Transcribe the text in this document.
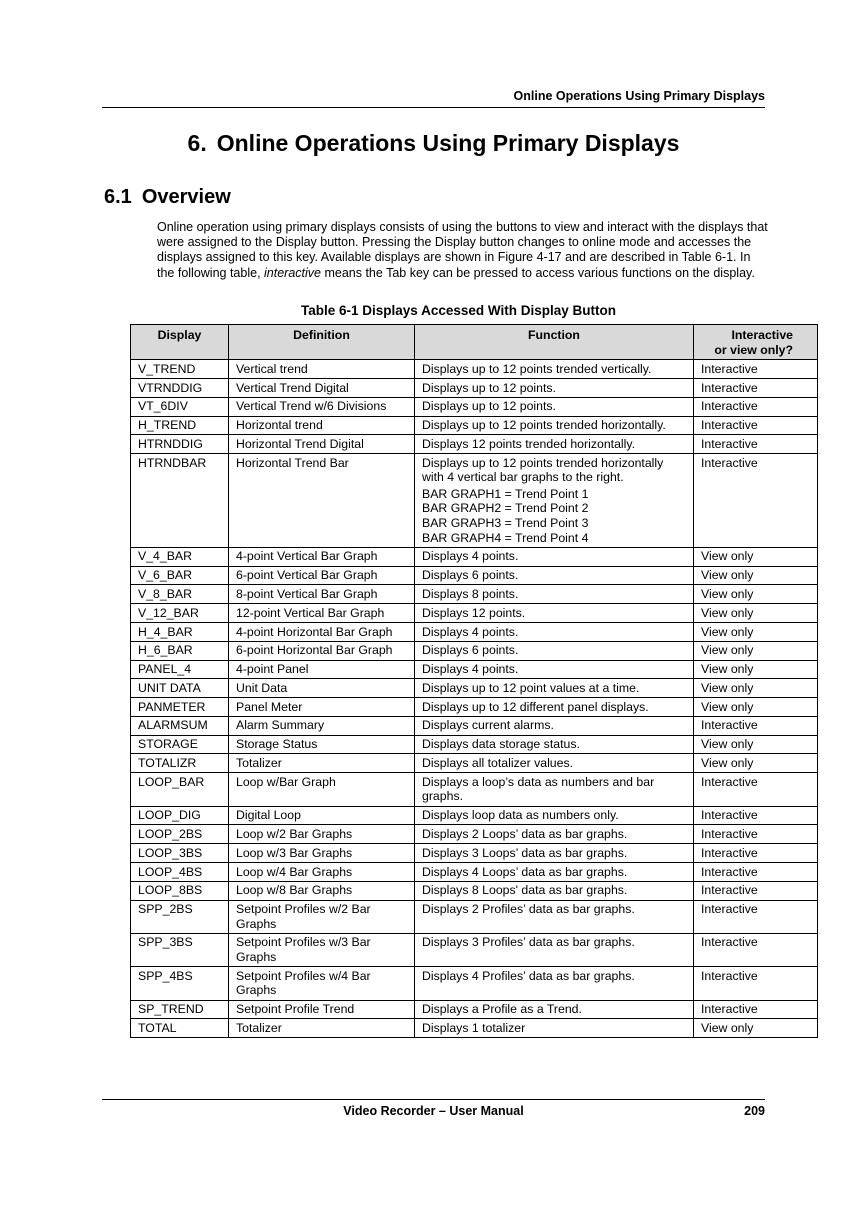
Online Operations Using Primary Displays
6. Online Operations Using Primary Displays
6.1 Overview
Online operation using primary displays consists of using the buttons to view and interact with the displays that were assigned to the Display button. Pressing the Display button changes to online mode and accesses the displays assigned to this key. Available displays are shown in Figure 4-17 and are described in Table 6-1. In the following table, interactive means the Tab key can be pressed to access various functions on the display.
Table 6-1 Displays Accessed With Display Button
Display	Definition	Function	Interactive
or view only?

V_TREND	Vertical trend	Displays up to 12 points trended vertically.	Interactive
VTRNDDIG	Vertical Trend Digital	Displays up to 12 points.	Interactive
VT_6DIV	Vertical Trend w/6 Divisions	Displays up to 12 points.	Interactive
H_TREND	Horizontal trend	Displays up to 12 points trended horizontally.	Interactive
HTRNDDIG	Horizontal Trend Digital	Displays 12 points trended horizontally.	Interactive
HTRNDBAR	Horizontal Trend Bar	Displays up to 12 points trended horizontally with 4 vertical bar graphs to the right.
BAR GRAPH1 = Trend Point 1
BAR GRAPH2 = Trend Point 2
BAR GRAPH3 = Trend Point 3
BAR GRAPH4 = Trend Point 4	Interactive
V_4_BAR	4-point Vertical Bar Graph	Displays 4 points.	View only
V_6_BAR	6-point Vertical Bar Graph	Displays 6 points.	View only
V_8_BAR	8-point Vertical Bar Graph	Displays 8 points.	View only
V_12_BAR	12-point Vertical Bar Graph	Displays 12 points.	View only
H_4_BAR	4-point Horizontal Bar Graph	Displays 4 points.	View only
H_6_BAR	6-point Horizontal Bar Graph	Displays 6 points.	View only
PANEL_4	4-point Panel	Displays 4 points.	View only
UNIT DATA	Unit Data	Displays up to 12 point values at a time.	View only
PANMETER	Panel Meter	Displays up to 12 different panel displays.	View only
ALARMSUM	Alarm Summary	Displays current alarms.	Interactive
STORAGE	Storage Status	Displays data storage status.	View only
TOTALIZR	Totalizer	Displays all totalizer values.	View only
LOOP_BAR	Loop w/Bar Graph	Displays a loop’s data as numbers and bar graphs.	Interactive
LOOP_DIG	Digital Loop	Displays loop data as numbers only.	Interactive
LOOP_2BS	Loop w/2 Bar Graphs	Displays 2 Loops’ data as bar graphs.	Interactive
LOOP_3BS	Loop w/3 Bar Graphs	Displays 3 Loops’ data as bar graphs.	Interactive
LOOP_4BS	Loop w/4 Bar Graphs	Displays 4 Loops’ data as bar graphs.	Interactive
LOOP_8BS	Loop w/8 Bar Graphs	Displays 8 Loops' data as bar graphs.	Interactive
SPP_2BS	Setpoint Profiles w/2 Bar Graphs	Displays 2 Profiles’ data as bar graphs.	Interactive
SPP_3BS	Setpoint Profiles w/3 Bar Graphs	Displays 3 Profiles’ data as bar graphs.	Interactive
SPP_4BS	Setpoint Profiles w/4 Bar Graphs	Displays 4 Profiles’ data as bar graphs.	Interactive
SP_TREND	Setpoint Profile Trend	Displays a Profile as a Trend.	Interactive
TOTAL	Totalizer	Displays 1 totalizer	View only
Video Recorder – User Manual	209
